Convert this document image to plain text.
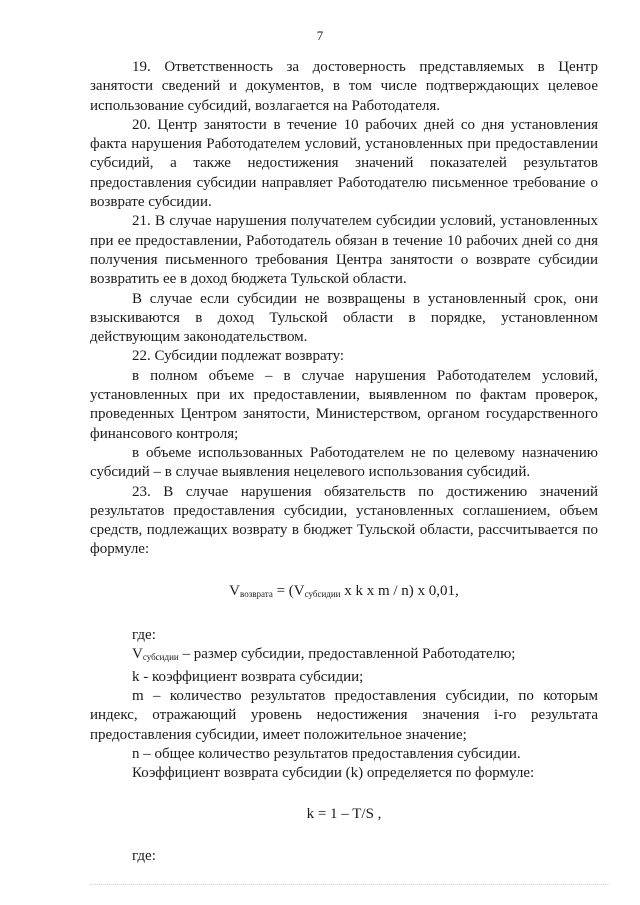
7

19. Ответственность за достоверность представляемых в Центр занятости сведений и документов, в том числе подтверждающих целевое использование субсидий, возлагается на Работодателя.

20. Центр занятости в течение 10 рабочих дней со дня установления факта нарушения Работодателем условий, установленных при предоставлении субсидий, а также недостижения значений показателей результатов предоставления субсидии направляет Работодателю письменное требование о возврате субсидии.

21. В случае нарушения получателем субсидии условий, установленных при ее предоставлении, Работодатель обязан в течение 10 рабочих дней со дня получения письменного требования Центра занятости о возврате субсидии возвратить ее в доход бюджета Тульской области.

В случае если субсидии не возвращены в установленный срок, они взыскиваются в доход Тульской области в порядке, установленном действующим законодательством.

22. Субсидии подлежат возврату:

в полном объеме – в случае нарушения Работодателем условий, установленных при их предоставлении, выявленном по фактам проверок, проведенных Центром занятости, Министерством, органом государственного финансового контроля;

в объеме использованных Работодателем не по целевому назначению субсидий – в случае выявления нецелевого использования субсидий.

23. В случае нарушения обязательств по достижению значений результатов предоставления субсидии, установленных соглашением, объем средств, подлежащих возврату в бюджет Тульской области, рассчитывается по формуле:

$V_{возврата} = (V_{субсидии}$ x k x m / n) x 0,01,

где:

$V_{субсидии}$ – размер субсидии, предоставленной Работодателю;

k - коэффициент возврата субсидии;

m – количество результатов предоставления субсидии, по которым индекс, отражающий уровень недостижения значения i-го результата предоставления субсидии, имеет положительное значение;

n – общее количество результатов предоставления субсидии.

Коэффициент возврата субсидии (k) определяется по формуле:

k = 1 – T/S ,

где:
